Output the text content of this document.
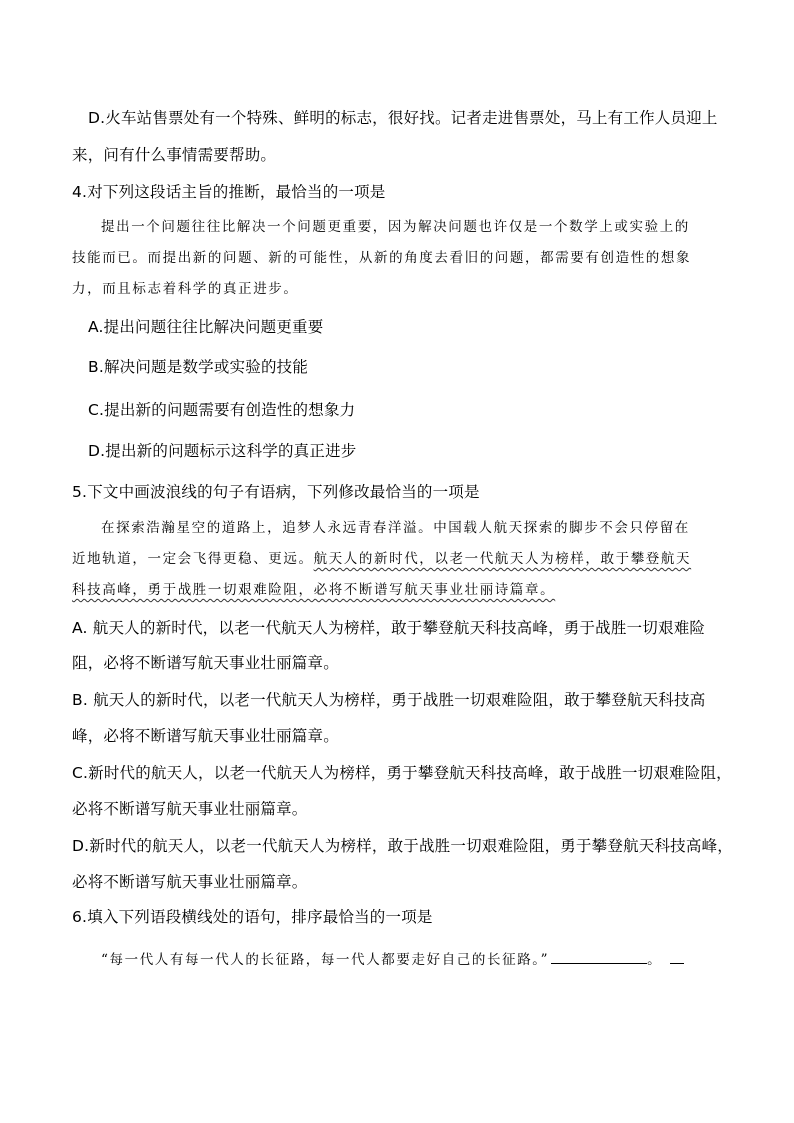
D.火车站售票处有一个特殊、鲜明的标志，很好找。记者走进售票处，马上有工作人员迎上
来，问有什么事情需要帮助。
4.对下列这段话主旨的推断，最恰当的一项是
提出一个问题往往比解决一个问题更重要，因为解决问题也许仅是一个数学上或实验上的
技能而已。而提出新的问题、新的可能性，从新的角度去看旧的问题，都需要有创造性的想象
力，而且标志着科学的真正进步。
A.提出问题往往比解决问题更重要
B.解决问题是数学或实验的技能
C.提出新的问题需要有创造性的想象力
D.提出新的问题标示这科学的真正进步
5.下文中画波浪线的句子有语病，下列修改最恰当的一项是
在探索浩瀚星空的道路上，追梦人永远青春洋溢。中国载人航天探索的脚步不会只停留在
近地轨道，一定会飞得更稳、更远。航天人的新时代，以老一代航天人为榜样，敢于攀登航天
科技高峰，勇于战胜一切艰难险阻，必将不断谱写航天事业壮丽诗篇章。
A. 航天人的新时代，以老一代航天人为榜样，敢于攀登航天科技高峰，勇于战胜一切艰难险
阻，必将不断谱写航天事业壮丽篇章。
B. 航天人的新时代，以老一代航天人为榜样，勇于战胜一切艰难险阻，敢于攀登航天科技高
峰，必将不断谱写航天事业壮丽篇章。
C.新时代的航天人，以老一代航天人为榜样，勇于攀登航天科技高峰，敢于战胜一切艰难险阻，
必将不断谱写航天事业壮丽篇章。
D.新时代的航天人，以老一代航天人为榜样，敢于战胜一切艰难险阻，勇于攀登航天科技高峰，
必将不断谱写航天事业壮丽篇章。
6.填入下列语段横线处的语句，排序最恰当的一项是
“每一代人有每一代人的长征路，每一代人都要走好自己的长征路。”	。
